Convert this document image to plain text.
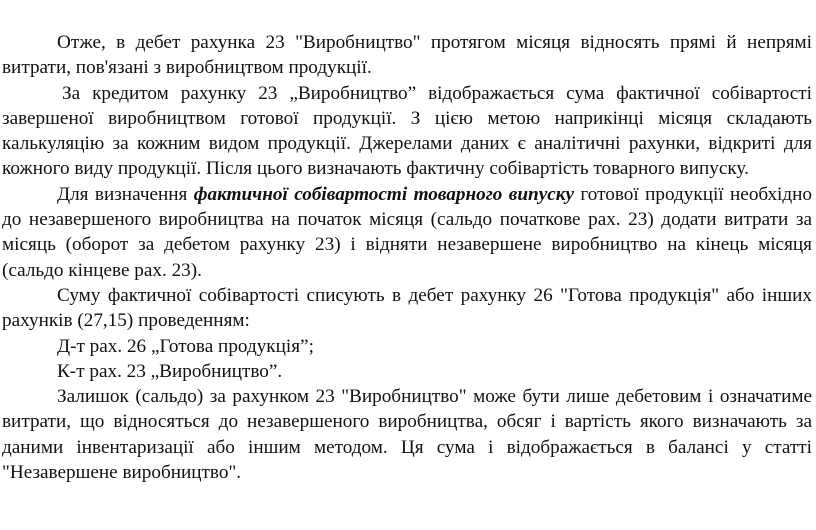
Отже, в дебет рахунка 23 "Виробництво" протягом місяця відносять прямі й непрямі витрати, пов'язані з виробництвом продукції.

За кредитом рахунку 23 „Виробництво” відображається сума фактичної собівартості завершеної виробництвом готової продукції. З цією метою наприкінці місяця складають калькуляцію за кожним видом продукції. Джерелами даних є аналітичні рахунки, відкриті для кожного виду продукції. Після цього визначають фактичну собівартість товарного випуску.

Для визначення фактичної собівартості товарного випуску готової продукції необхідно до незавершеного виробництва на початок місяця (сальдо початкове рах. 23) додати витрати за місяць (оборот за дебетом рахунку 23) і відняти незавершене виробництво на кінець місяця (сальдо кінцеве рах. 23).

Суму фактичної собівартості списують в дебет рахунку 26 "Готова продукція" або інших рахунків (27,15) проведенням:

Д-т рах. 26 „Готова продукція”;

К-т рах. 23 „Виробництво”.

Залишок (сальдо) за рахунком 23 "Виробництво" може бути лише дебетовим і означатиме витрати, що відносяться до незавершеного виробництва, обсяг і вартість якого визначають за даними інвентаризації або іншим методом. Ця сума і відображається в балансі у статті "Незавершене виробництво".
